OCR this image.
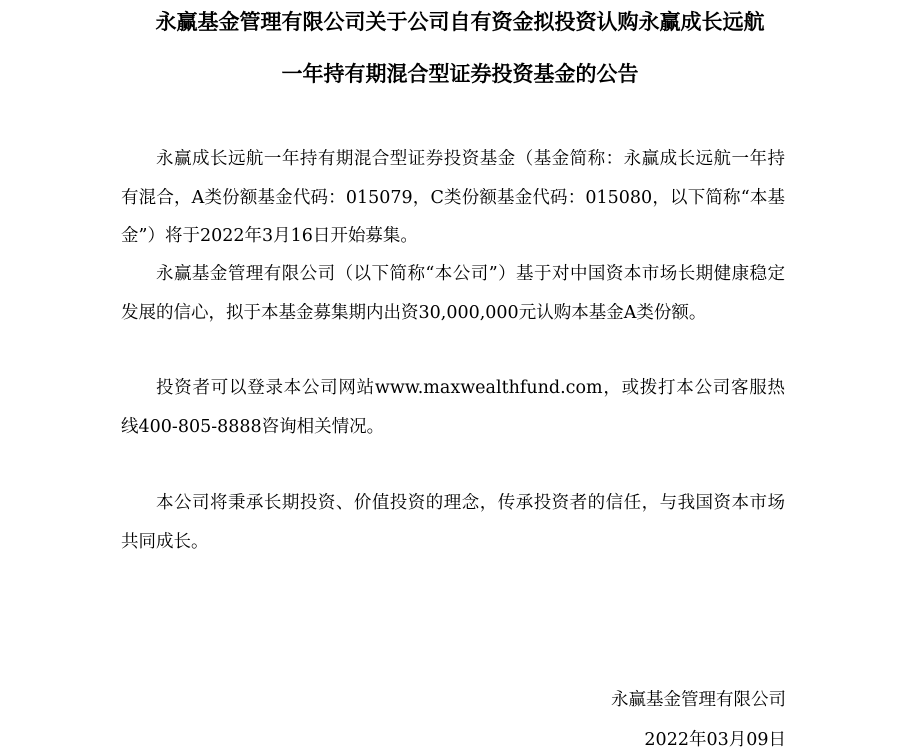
永赢基金管理有限公司关于公司自有资金拟投资认购永赢成长远航
一年持有期混合型证券投资基金的公告

永赢成长远航一年持有期混合型证券投资基金（基金简称：永赢成长远航一年持有混合，A类份额基金代码：015079，C类份额基金代码：015080，以下简称“本基金”）将于2022年3月16日开始募集。

永赢基金管理有限公司（以下简称“本公司”）基于对中国资本市场长期健康稳定发展的信心，拟于本基金募集期内出资30,000,000元认购本基金A类份额。

投资者可以登录本公司网站www.maxwealthfund.com，或拨打本公司客服热线400-805-8888咨询相关情况。

本公司将秉承长期投资、价值投资的理念，传承投资者的信任，与我国资本市场共同成长。

永赢基金管理有限公司
2022年03月09日
